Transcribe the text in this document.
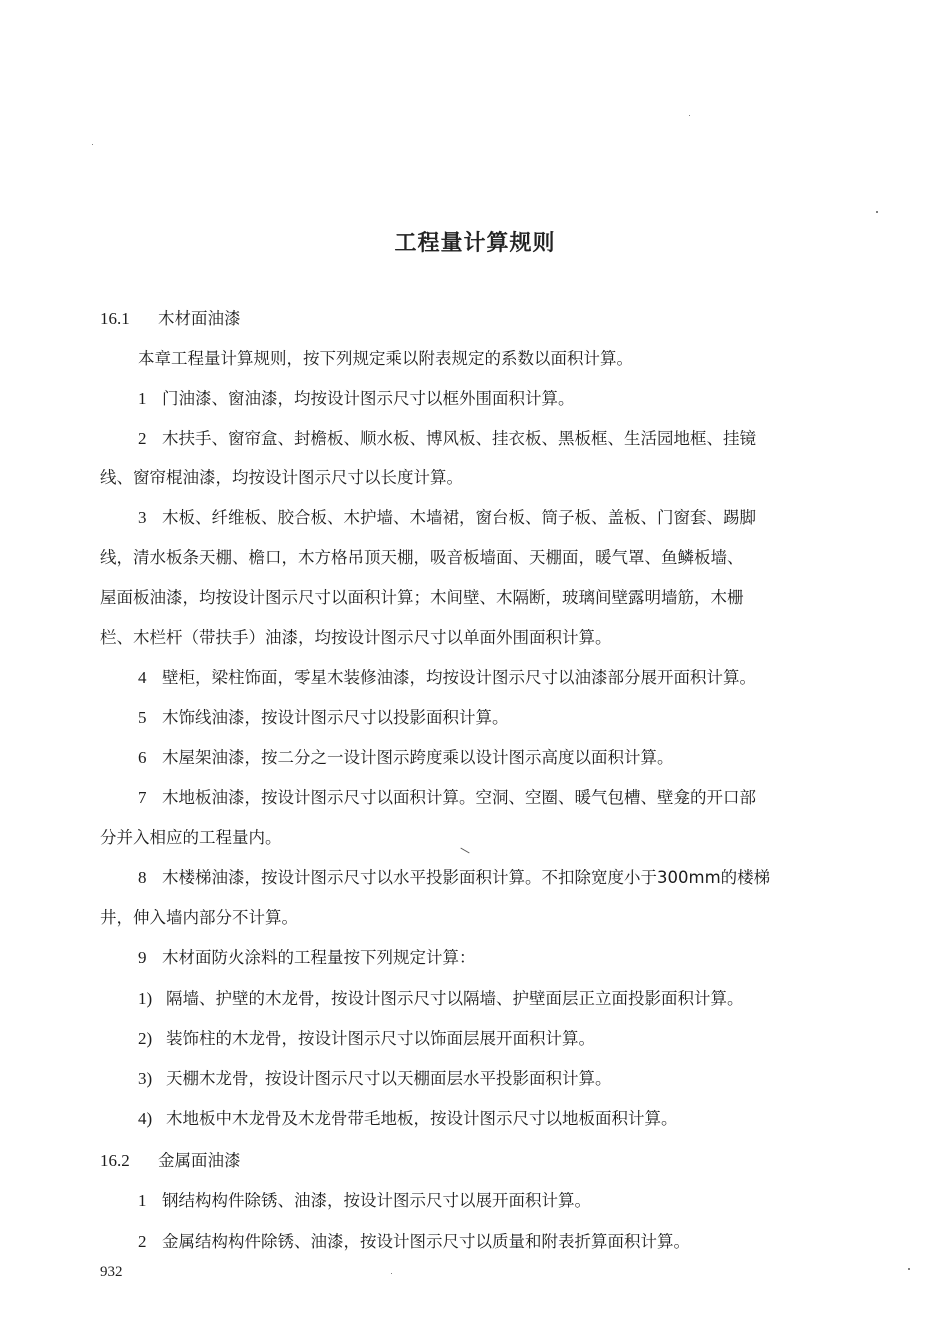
工程量计算规则
16.1 木材面油漆
本章工程量计算规则，按下列规定乘以附表规定的系数以面积计算。
1 门油漆、窗油漆，均按设计图示尺寸以框外围面积计算。
2 木扶手、窗帘盒、封檐板、顺水板、博风板、挂衣板、黑板框、生活园地框、挂镜
线、窗帘棍油漆，均按设计图示尺寸以长度计算。
3 木板、纤维板、胶合板、木护墙、木墙裙，窗台板、筒子板、盖板、门窗套、踢脚
线，清水板条天棚、檐口，木方格吊顶天棚，吸音板墙面、天棚面，暖气罩、鱼鳞板墙、
屋面板油漆，均按设计图示尺寸以面积计算；木间壁、木隔断，玻璃间壁露明墙筋，木栅
栏、木栏杆（带扶手）油漆，均按设计图示尺寸以单面外围面积计算。
4 壁柜，梁柱饰面，零星木装修油漆，均按设计图示尺寸以油漆部分展开面积计算。
5 木饰线油漆，按设计图示尺寸以投影面积计算。
6 木屋架油漆，按二分之一设计图示跨度乘以设计图示高度以面积计算。
7 木地板油漆，按设计图示尺寸以面积计算。空洞、空圈、暖气包槽、壁龛的开口部
分并入相应的工程量内。
8 木楼梯油漆，按设计图示尺寸以水平投影面积计算。不扣除宽度小于300mm的楼梯
井，伸入墙内部分不计算。
9 木材面防火涂料的工程量按下列规定计算：
1) 隔墙、护壁的木龙骨，按设计图示尺寸以隔墙、护壁面层正立面投影面积计算。
2) 装饰柱的木龙骨，按设计图示尺寸以饰面层展开面积计算。
3) 天棚木龙骨，按设计图示尺寸以天棚面层水平投影面积计算。
4) 木地板中木龙骨及木龙骨带毛地板，按设计图示尺寸以地板面积计算。
16.2 金属面油漆
1 钢结构构件除锈、油漆，按设计图示尺寸以展开面积计算。
2 金属结构构件除锈、油漆，按设计图示尺寸以质量和附表折算面积计算。
932
